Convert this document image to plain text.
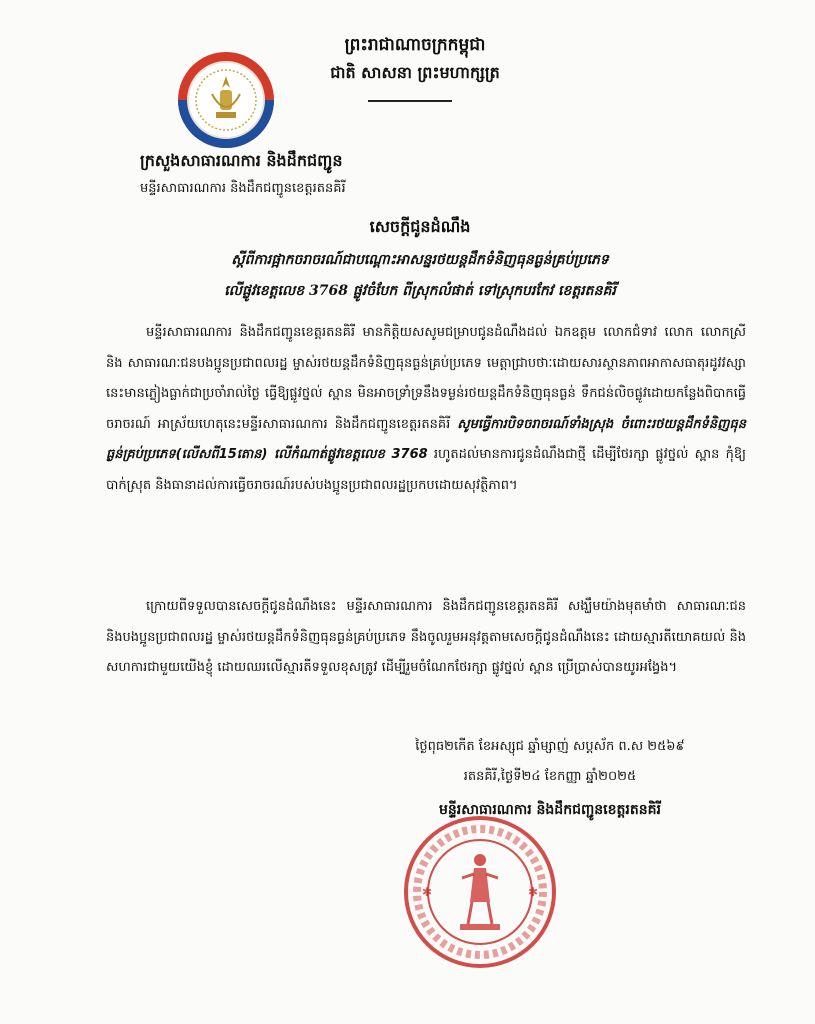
ព្រះរាជាណាចក្រកម្ពុជា
ជាតិ សាសនា ព្រះមហាក្សត្រ
ក្រសួងសាធារណការ និងដឹកជញ្ជូន
មន្ទីរសាធារណការ និងដឹកជញ្ជូនខេត្តរតនគិរី
សេចក្តីជូនដំណឹង
ស្តីពីការផ្អាកចរាចរណ៍ជាបណ្តោះអាសន្នរថយន្តដឹកទំនិញធុនធ្ងន់គ្រប់ប្រភេទ
លើផ្លូវខេត្តលេខ 3768 ផ្លូវចំបែក ពីស្រុកលំផាត់ ទៅស្រុកបរកែវ ខេត្តរតនគិរី
មន្ទីរសាធារណការ និងដឹកជញ្ជូនខេត្តរតនគិរី មានកិត្តិយសសូមជម្រាបជូនដំណឹងដល់ ឯកឧត្តម លោកជំទាវ លោក លោកស្រី និង សាធារណៈជនបងប្អូនប្រជាពលរដ្ឋ ម្ចាស់រថយន្តដឹកទំនិញធុនធ្ងន់គ្រប់ប្រភេទ មេត្តាជ្រាបថាៈដោយសារស្ថានភាពអាកាសធាតុរដូវវស្សានេះមានភ្លៀងធ្លាក់ជាប្រចាំរាល់ថ្ងៃ ធ្វើឱ្យផ្លូវថ្នល់ ស្ពាន មិនអាចទ្រាំទ្រនឹងទម្ងន់រថយន្តដឹកទំនិញធុនធ្ងន់ ទឹកជន់លិចផ្លូវដោយកន្លែងពិបាកធ្វើចរាចរណ៍ អាស្រ័យហេតុនេះមន្ទីរសាធារណការ និងដឹកជញ្ជូនខេត្តរតនគិរី សូមធ្វើការបិទចរាចរណ៍ទាំងស្រុង ចំពោះរថយន្តដឹកទំនិញធុនធ្ងន់គ្រប់ប្រភេទ(លើសពី15តោន) លើកំណាត់ផ្លូវខេត្តលេខ 3768 រហូតដល់មានការជូនដំណឹងជាថ្មី ដើម្បីថែរក្សា ផ្លូវថ្នល់ ស្ពាន កុំឱ្យបាក់ស្រុត និងធានាដល់ការធ្វើចរាចរណ៍របស់បងប្អូនប្រជាពលរដ្ឋប្រកបដោយសុវត្ថិភាព។
ក្រោយពីទទួលបានសេចក្តីជូនដំណឹងនេះ មន្ទីរសាធារណការ និងដឹកជញ្ជូនខេត្តរតនគិរី សង្ឃឹមយ៉ាងមុតមាំថា សាធារណៈជន និងបងប្អូនប្រជាពលរដ្ឋ ម្ចាស់រថយន្តដឹកទំនិញធុនធ្ងន់គ្រប់ប្រភេទ នឹងចូលរួមអនុវត្តតាមសេចក្តីជូនដំណឹងនេះ ដោយស្មារតីយោគយល់ និងសហការជាមួយយើងខ្ញុំ ដោយឈរលើស្មារតីទទួលខុសត្រូវ ដើម្បីរួមចំណែកថែរក្សា ផ្លូវថ្នល់ ស្ពាន ប្រើប្រាស់បានយូរអង្វែង។
ថ្ងៃពុធ២កើត ខែអស្សុជ ឆ្នាំម្សាញ់ សប្តស័ក ព.ស ២៥៦៩
រតនគិរី,ថ្ងៃទី២៤ ខែកញ្ញា ឆ្នាំ២០២៥
មន្ទីរសាធារណការ និងដឹកជញ្ជូនខេត្តរតនគិរី
✱	✱
